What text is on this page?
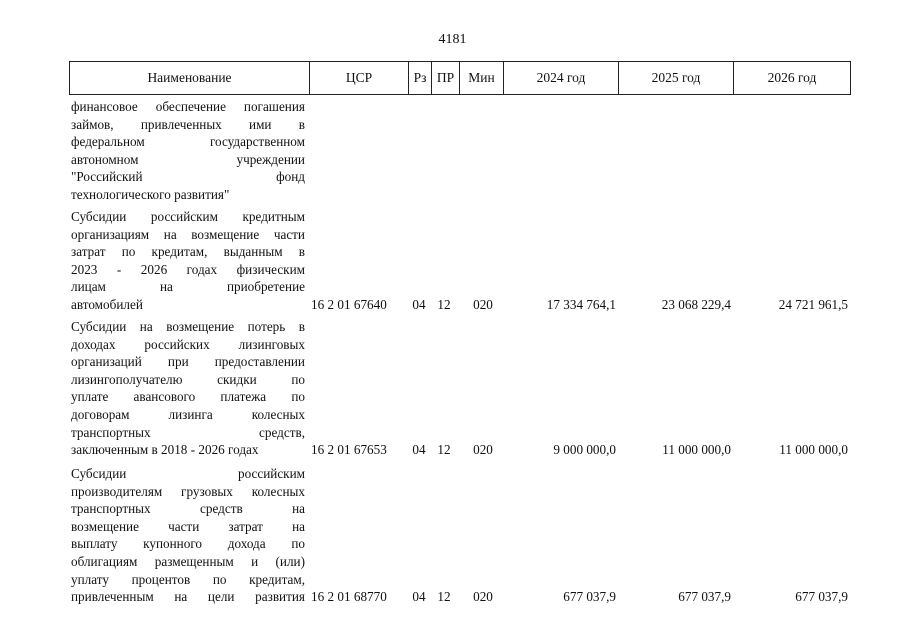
4181
Наименование	ЦСР	Рз ПР	Мин	2024 год	2025 год	2026 год
финансовое обеспечение погашения
займов, привлеченных ими в
федеральном государственном
автономном учреждении
"Российский фонд
технологического развития"
Субсидии российским кредитным
организациям на возмещение части
затрат по кредитам, выданным в
2023 - 2026 годах физическим
лицам на приобретение
автомобилей	16 2 01 67640	04 12	020	17 334 764,1	23 068 229,4	24 721 961,5
Субсидии на возмещение потерь в
доходах российских лизинговых
организаций при предоставлении
лизингополучателю скидки по
уплате авансового платежа по
договорам лизинга колесных
транспортных средств,
заключенным в 2018 - 2026 годах	16 2 01 67653	04 12	020	9 000 000,0	11 000 000,0	11 000 000,0
Субсидии российским
производителям грузовых колесных
транспортных средств на
возмещение части затрат на
выплату купонного дохода по
облигациям размещенным и (или)
уплату процентов по кредитам,
привлеченным на цели развития 16 2 01 68770	04 12	020	677 037,9	677 037,9	677 037,9
